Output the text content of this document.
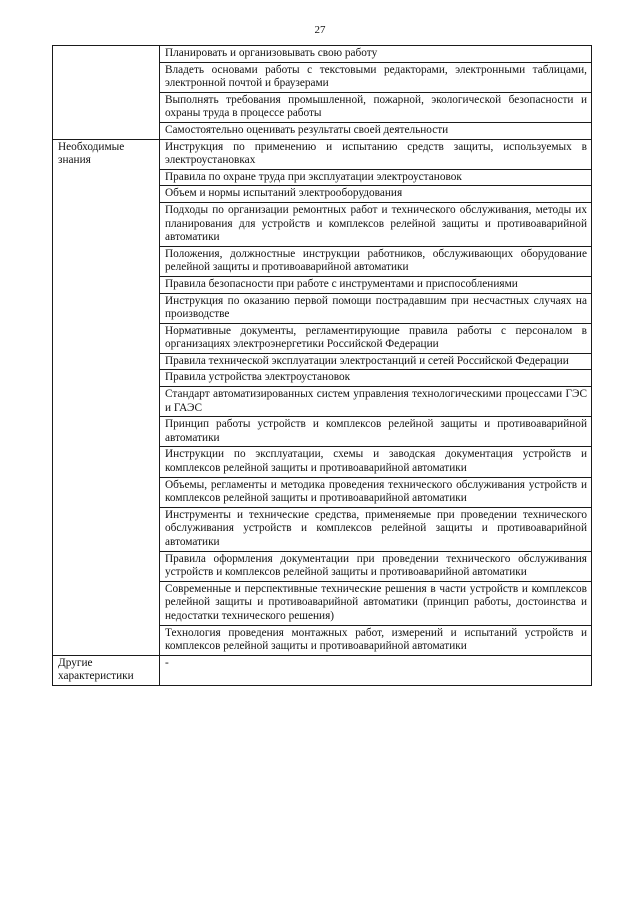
27
	Планировать и организовывать свою работу
	Владеть основами работы с текстовыми редакторами, электронными таблицами, электронной почтой и браузерами
	Выполнять требования промышленной, пожарной, экологической безопасности и охраны труда в процессе работы
	Самостоятельно оценивать результаты своей деятельности
Необходимые знания	Инструкция по применению и испытанию средств защиты, используемых в электроустановках
	Правила по охране труда при эксплуатации электроустановок
	Объем и нормы испытаний электрооборудования
	Подходы по организации ремонтных работ и технического обслуживания, методы их планирования для устройств и комплексов релейной защиты и противоаварийной автоматики
	Положения, должностные инструкции работников, обслуживающих оборудование релейной защиты и противоаварийной автоматики
	Правила безопасности при работе с инструментами и приспособлениями
	Инструкция по оказанию первой помощи пострадавшим при несчастных случаях на производстве
	Нормативные документы, регламентирующие правила работы с персоналом в организациях электроэнергетики Российской Федерации
	Правила технической эксплуатации электростанций и сетей Российской Федерации
	Правила устройства электроустановок
	Стандарт автоматизированных систем управления технологическими процессами ГЭС и ГАЭС
	Принцип работы устройств и комплексов релейной защиты и противоаварийной автоматики
	Инструкции по эксплуатации, схемы и заводская документация устройств и комплексов релейной защиты и противоаварийной автоматики
	Объемы, регламенты и методика проведения технического обслуживания устройств и комплексов релейной защиты и противоаварийной автоматики
	Инструменты и технические средства, применяемые при проведении технического обслуживания устройств и комплексов релейной защиты и противоаварийной автоматики
	Правила оформления документации при проведении технического обслуживания устройств и комплексов релейной защиты и противоаварийной автоматики
	Современные и перспективные технические решения в части устройств и комплексов релейной защиты и противоаварийной автоматики (принцип работы, достоинства и недостатки технического решения)
	Технология проведения монтажных работ, измерений и испытаний устройств и комплексов релейной защиты и противоаварийной автоматики
Другие характеристики	-
